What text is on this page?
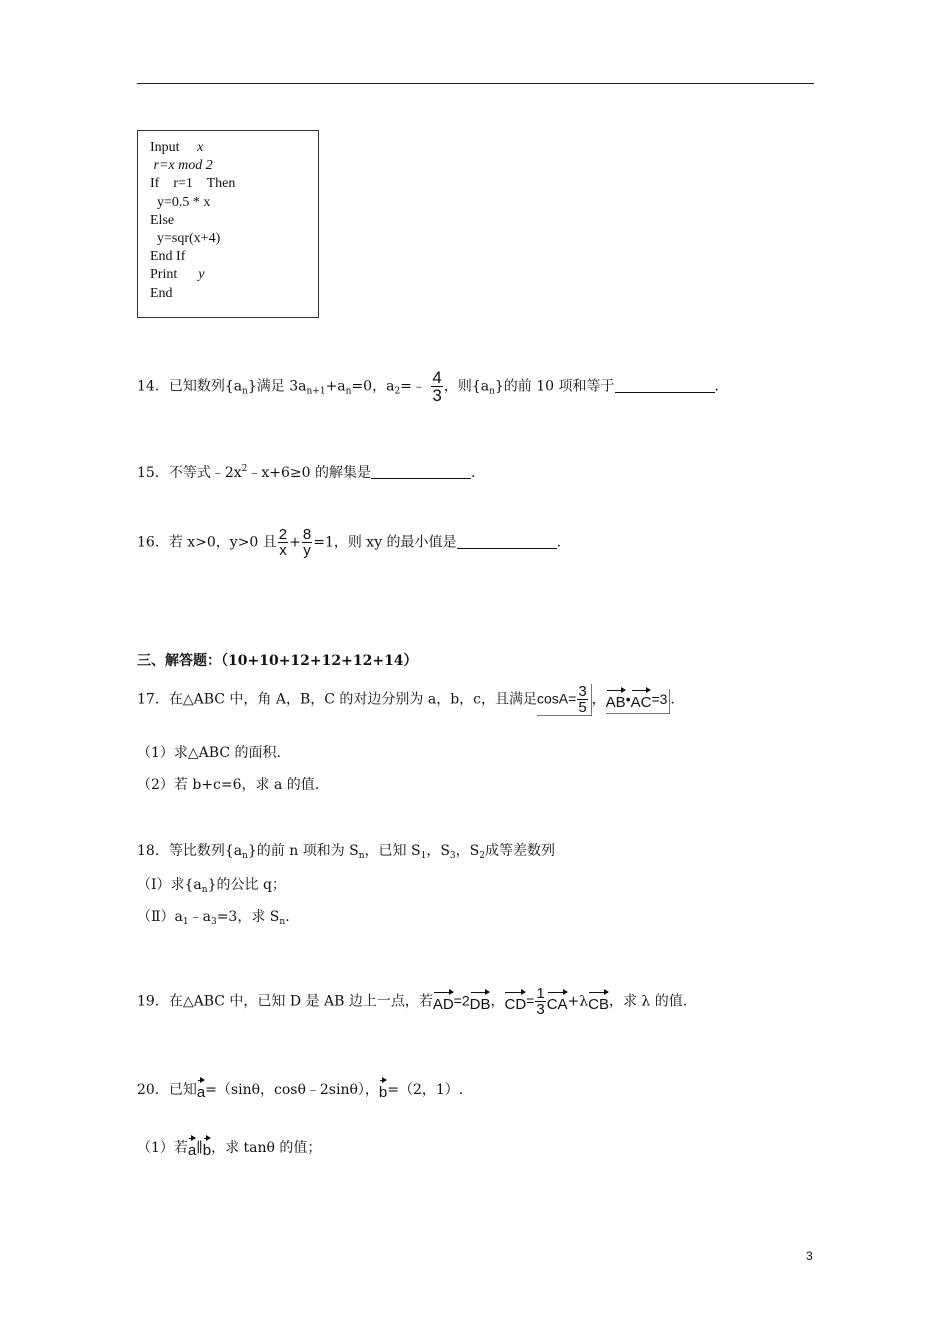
Input x
r=x mod 2
If    r=1    Then
y=0.5 * x
Else
y=sqr(x+4)
End If
Print y
End
14．已知数列$\{a_n\}$满足 $3a_{n+1}+a_n=0$，$a_2=﹣ \frac{4}{3}$ ，则$\{a_n\}$的前 10 项和等于	.
15．不等式$﹣2x^2﹣x+6\ge 0$ 的解集是	.
16．若 x>0，y>0 且 $\frac{2}{x} + \frac{8}{y} =1$，则 xy 的最小值是	.
三、解答题：（10+10+12+12+12+14）
17．在△ABC 中，角 A，B，C 的对边分别为 a，b，c，且满足$\cos A= \frac{3}{5}$ ，AB•AC=3 .
（1）求△ABC 的面积.
（2）若 b+c=6，求 a 的值.
18．等比数列$\{a_n\}$的前 n 项和为 $S_n$，已知 $S_1$，$S_3$，$S_2$成等差数列
（Ⅰ）求$\{a_n\}$的公比 q；
$(Ⅱ)a_1﹣a_3=3$，求 $S_n$.
19．在△ABC 中，已知 D 是 AB 边上一点，若AD=2DB，$CD= \frac{1}{3} CA+\lambda CB$，求 λ 的值.
20．已知a=（sinθ，cosθ﹣2sinθ），b=（2，1）.
（1）若a∥b，求 tanθ 的值；
3
